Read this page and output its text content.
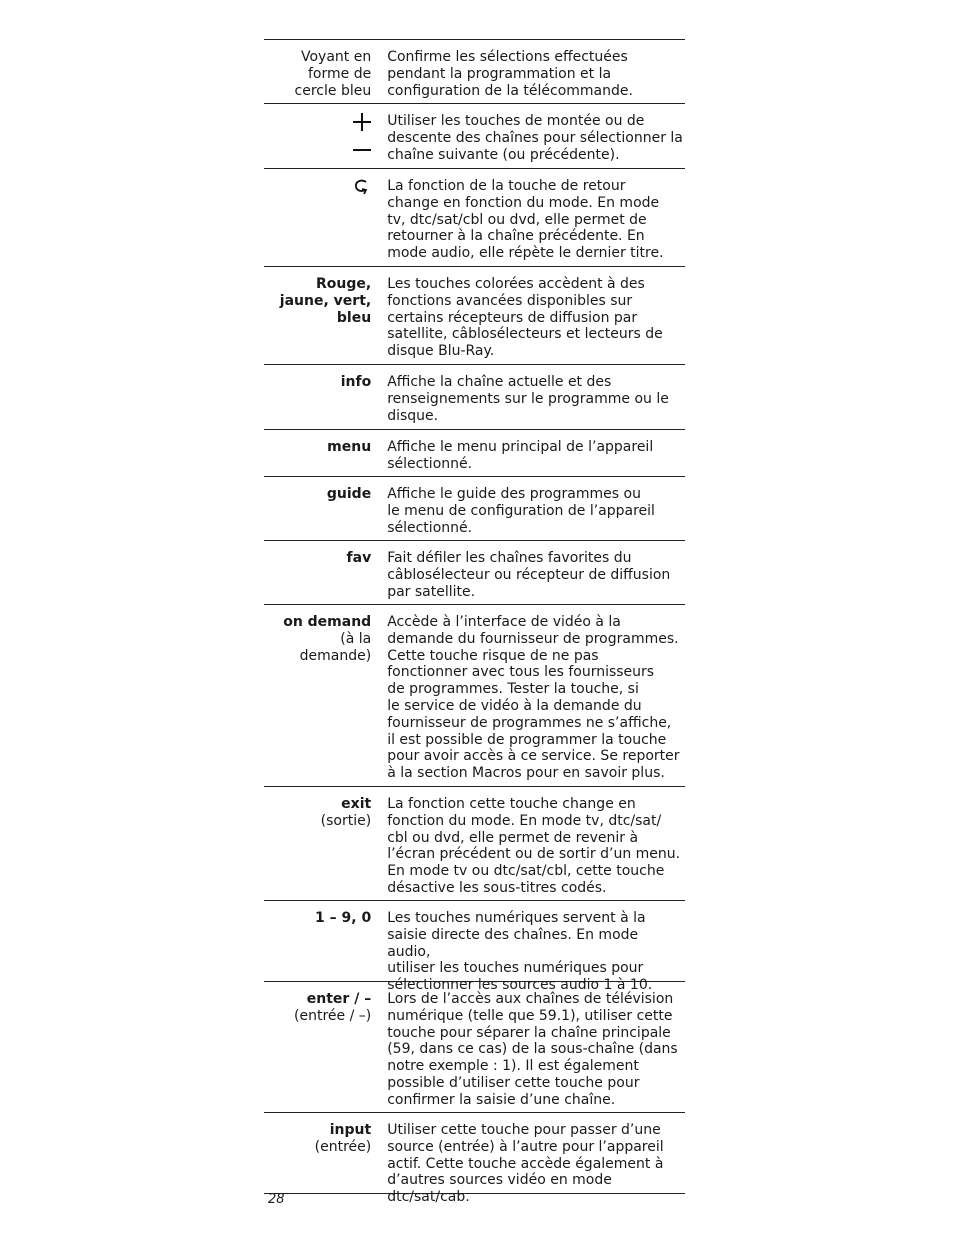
Voyant en
forme de
cercle bleu
Confirme les sélections effectuées
pendant la programmation et la
configuration de la télécommande.
Utiliser les touches de montée ou de
descente des chaînes pour sélectionner la
chaîne suivante (ou précédente).
La fonction de la touche de retour
change en fonction du mode. En mode
tv, dtc/sat/cbl ou dvd, elle permet de
retourner à la chaîne précédente. En
mode audio, elle répète le dernier titre.
Rouge,
jaune, vert,
bleu
Les touches colorées accèdent à des
fonctions avancées disponibles sur
certains récepteurs de diffusion par
satellite, câblosélecteurs et lecteurs de
disque Blu-Ray.
info Affiche la chaîne actuelle et des
renseignements sur le programme ou le
disque.
menu Affiche le menu principal de l’appareil
sélectionné.
guide Affiche le guide des programmes ou
le menu de configuration de l’appareil
sélectionné.
fav Fait défiler les chaînes favorites du
câblosélecteur ou récepteur de diffusion
par satellite.
on demand
(à la
demande)
Accède à l’interface de vidéo à la
demande du fournisseur de programmes.
Cette touche risque de ne pas
fonctionner avec tous les fournisseurs
de programmes. Tester la touche, si
le service de vidéo à la demande du
fournisseur de programmes ne s’affiche,
il est possible de programmer la touche
pour avoir accès à ce service. Se reporter
à la section Macros pour en savoir plus.
exit
(sortie)
La fonction cette touche change en
fonction du mode. En mode tv, dtc/sat/
cbl ou dvd, elle permet de revenir à
l’écran précédent ou de sortir d’un menu.
En mode tv ou dtc/sat/cbl, cette touche
désactive les sous-titres codés.
1 – 9, 0 Les touches numériques servent à la
saisie directe des chaînes. En mode audio,
utiliser les touches numériques pour
sélectionner les sources audio 1 à 10.
enter / –
(entrée / –)
Lors de l’accès aux chaînes de télévision
numérique (telle que 59.1), utiliser cette
touche pour séparer la chaîne principale
(59, dans ce cas) de la sous-chaîne (dans
notre exemple : 1). Il est également
possible d’utiliser cette touche pour
confirmer la saisie d’une chaîne.
input
(entrée)
Utiliser cette touche pour passer d’une
source (entrée) à l’autre pour l’appareil
actif. Cette touche accède également à
d’autres sources vidéo en mode dtc/sat/cab.
28
